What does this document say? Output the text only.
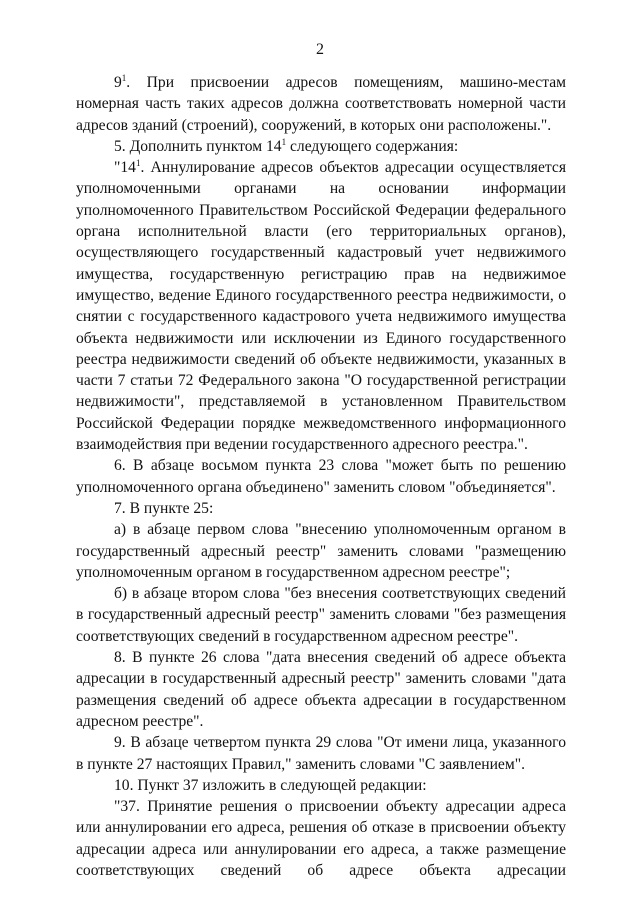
2

$9^1$. При присвоении адресов помещениям, машино-местам номерная часть таких адресов должна соответствовать номерной части адресов зданий (строений), сооружений, в которых они расположены.".

5. Дополнить пунктом $14^1$ следующего содержания:

"$14^1$. Аннулирование адресов объектов адресации осуществляется уполномоченными органами на основании информации уполномоченного Правительством Российской Федерации федерального органа исполнительной власти (его территориальных органов), осуществляющего государственный кадастровый учет недвижимого имущества, государственную регистрацию прав на недвижимое имущество, ведение Единого государственного реестра недвижимости, о снятии с государственного кадастрового учета недвижимого имущества объекта недвижимости или исключении из Единого государственного реестра недвижимости сведений об объекте недвижимости, указанных в части 7 статьи 72 Федерального закона "О государственной регистрации недвижимости", представляемой в установленном Правительством Российской Федерации порядке межведомственного информационного взаимодействия при ведении государственного адресного реестра.".

6. В абзаце восьмом пункта 23 слова "может быть по решению уполномоченного органа объединено" заменить словом "объединяется".

7. В пункте 25:

а) в абзаце первом слова "внесению уполномоченным органом в государственный адресный реестр" заменить словами "размещению уполномоченным органом в государственном адресном реестре";

б) в абзаце втором слова "без внесения соответствующих сведений в государственный адресный реестр" заменить словами "без размещения соответствующих сведений в государственном адресном реестре".

8. В пункте 26 слова "дата внесения сведений об адресе объекта адресации в государственный адресный реестр" заменить словами "дата размещения сведений об адресе объекта адресации в государственном адресном реестре".

9. В абзаце четвертом пункта 29 слова "От имени лица, указанного в пункте 27 настоящих Правил," заменить словами "С заявлением".

10. Пункт 37 изложить в следующей редакции:

"37. Принятие решения о присвоении объекту адресации адреса или аннулировании его адреса, решения об отказе в присвоении объекту адресации адреса или аннулировании его адреса, а также размещение соответствующих сведений об адресе объекта адресации
